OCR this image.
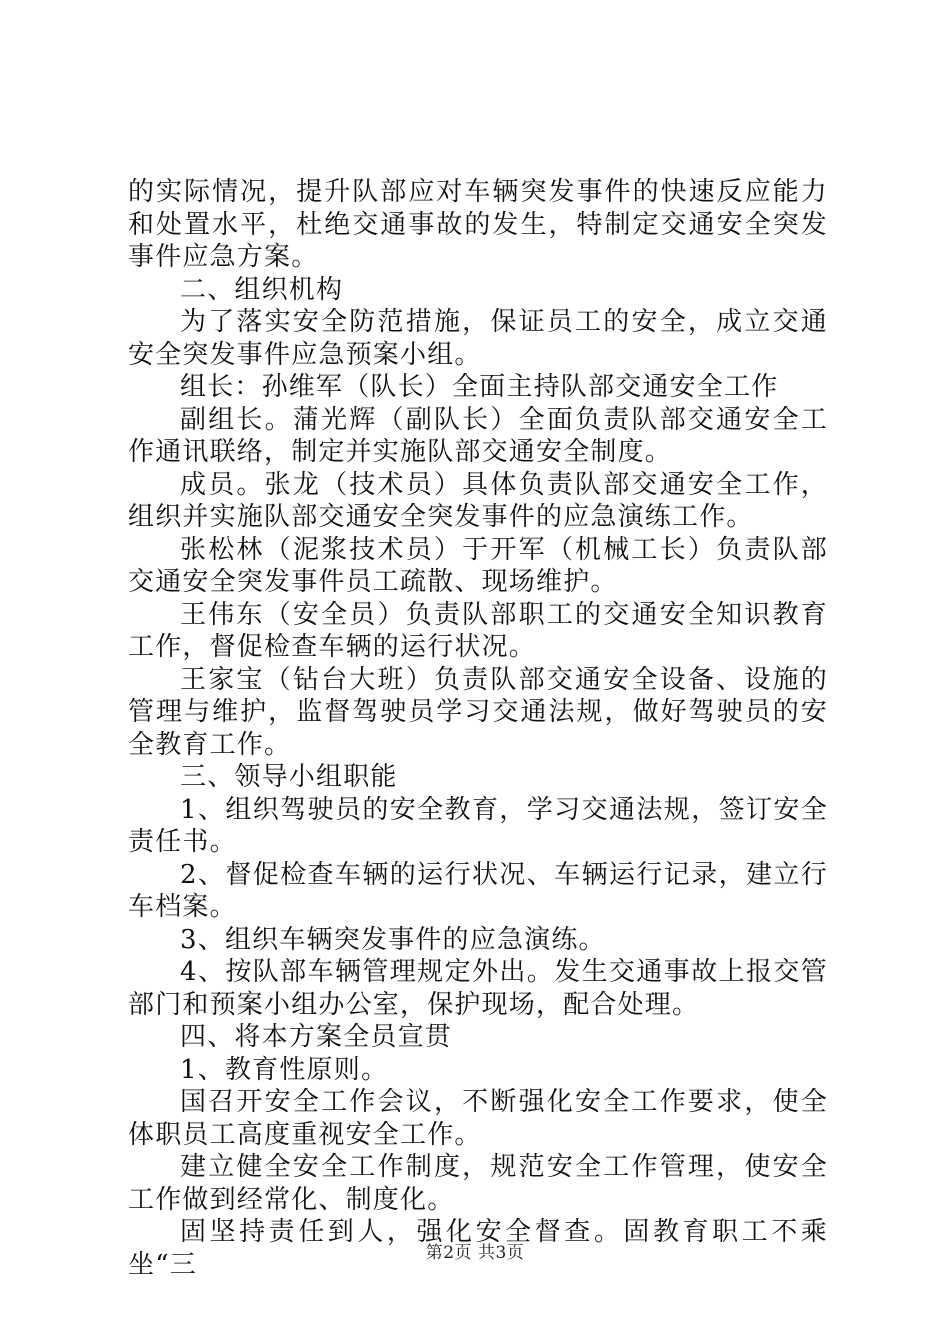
的实际情况，提升队部应对车辆突发事件的快速反应能力和处置水平，杜绝交通事故的发生，特制定交通安全突发事件应急方案。

二、组织机构

为了落实安全防范措施，保证员工的安全，成立交通安全突发事件应急预案小组。

组长：孙维军（队长）全面主持队部交通安全工作

副组长。蒲光辉（副队长）全面负责队部交通安全工作通讯联络，制定并实施队部交通安全制度。

成员。张龙（技术员）具体负责队部交通安全工作，组织并实施队部交通安全突发事件的应急演练工作。

张松林（泥浆技术员）于开军（机械工长）负责队部交通安全突发事件员工疏散、现场维护。

王伟东（安全员）负责队部职工的交通安全知识教育工作，督促检查车辆的运行状况。

王家宝（钻台大班）负责队部交通安全设备、设施的管理与维护，监督驾驶员学习交通法规，做好驾驶员的安全教育工作。

三、领导小组职能

1、组织驾驶员的安全教育，学习交通法规，签订安全责任书。

2、督促检查车辆的运行状况、车辆运行记录，建立行车档案。

3、组织车辆突发事件的应急演练。

4、按队部车辆管理规定外出。发生交通事故上报交管部门和预案小组办公室，保护现场，配合处理。

四、将本方案全员宣贯

1、教育性原则。

国召开安全工作会议，不断强化安全工作要求，使全体职员工高度重视安全工作。

建立健全安全工作制度，规范安全工作管理，使安全工作做到经常化、制度化。

固坚持责任到人，强化安全督查。固教育职工不乘坐“三	第2页 共3页
